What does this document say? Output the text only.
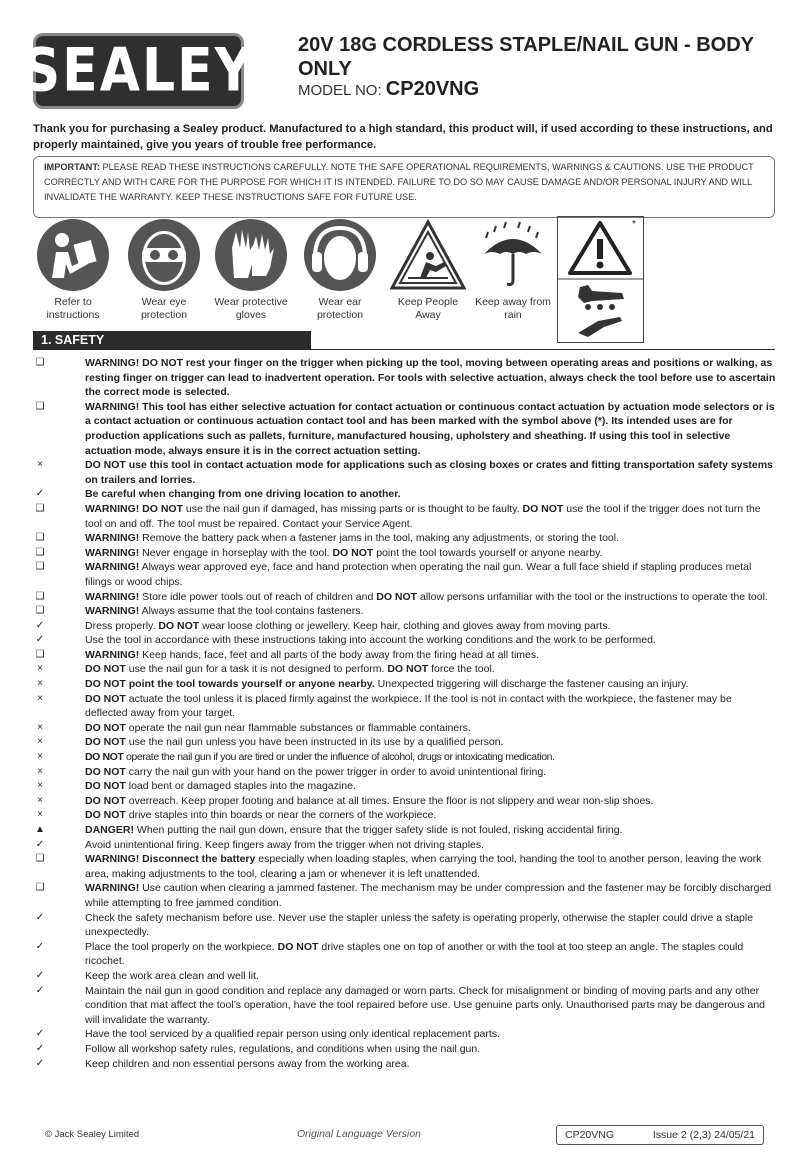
SEALEY 20V 18G CORDLESS STAPLE/NAIL GUN - BODY ONLY
MODEL NO: CP20VNG
Thank you for purchasing a Sealey product. Manufactured to a high standard, this product will, if used according to these instructions, and properly maintained, give you years of trouble free performance.
IMPORTANT: PLEASE READ THESE INSTRUCTIONS CAREFULLY. NOTE THE SAFE OPERATIONAL REQUIREMENTS, WARNINGS & CAUTIONS. USE THE PRODUCT CORRECTLY AND WITH CARE FOR THE PURPOSE FOR WHICH IT IS INTENDED. FAILURE TO DO SO MAY CAUSE DAMAGE AND/OR PERSONAL INJURY AND WILL INVALIDATE THE WARRANTY. KEEP THESE INSTRUCTIONS SAFE FOR FUTURE USE.
Refer to instructions
Wear eye protection
Wear protective gloves
Wear ear protection
Keep People Away
Keep away from rain
*
1. SAFETY
❑	WARNING! DO NOT rest your finger on the trigger when picking up the tool, moving between operating areas and positions or walking, as resting finger on trigger can lead to inadvertent operation. For tools with selective actuation, always check the tool before use to ascertain the correct mode is selected.
❑	WARNING! This tool has either selective actuation for contact actuation or continuous contact actuation by actuation mode selectors or is a contact actuation or continuous actuation contact tool and has been marked with the symbol above (*). Its intended uses are for production applications such as pallets, furniture, manufactured housing, upholstery and sheathing. If using this tool in selective actuation mode, always ensure it is in the correct actuation setting.
×	DO NOT use this tool in contact actuation mode for applications such as closing boxes or crates and fitting transportation safety systems on trailers and lorries.
✓	Be careful when changing from one driving location to another.
❑	WARNING! DO NOT use the nail gun if damaged, has missing parts or is thought to be faulty. DO NOT use the tool if the trigger does not turn the tool on and off. The tool must be repaired. Contact your Service Agent.
❑	WARNING! Remove the battery pack when a fastener jams in the tool, making any adjustments, or storing the tool.
❑	WARNING! Never engage in horseplay with the tool. DO NOT point the tool towards yourself or anyone nearby.
❑	WARNING! Always wear approved eye, face and hand protection when operating the nail gun. Wear a full face shield if stapling produces metal filings or wood chips.
❑	WARNING! Store idle power tools out of reach of children and DO NOT allow persons unfamiliar with the tool or the instructions to operate the tool.
❑	WARNING! Always assume that the tool contains fasteners.
✓	Dress properly. DO NOT wear loose clothing or jewellery. Keep hair, clothing and gloves away from moving parts.
✓	Use the tool in accordance with these instructions taking into account the working conditions and the work to be performed.
❑	WARNING! Keep hands, face, feet and all parts of the body away from the firing head at all times.
×	DO NOT use the nail gun for a task it is not designed to perform. DO NOT force the tool.
×	DO NOT point the tool towards yourself or anyone nearby. Unexpected triggering will discharge the fastener causing an injury.
×	DO NOT actuate the tool unless it is placed firmly against the workpiece. If the tool is not in contact with the workpiece, the fastener may be deflected away from your target.
×	DO NOT operate the nail gun near flammable substances or flammable containers.
×	DO NOT use the nail gun unless you have been instructed in its use by a qualified person.
×	DO NOT operate the nail gun if you are tired or under the influence of alcohol, drugs or intoxicating medication.
×	DO NOT carry the nail gun with your hand on the power trigger in order to avoid unintentional firing.
×	DO NOT load bent or damaged staples into the magazine.
×	DO NOT overreach. Keep proper footing and balance at all times. Ensure the floor is not slippery and wear non-slip shoes.
×	DO NOT drive staples into thin boards or near the corners of the workpiece.
▲	DANGER! When putting the nail gun down, ensure that the trigger safety slide is not fouled, risking accidental firing.
✓	Avoid unintentional firing. Keep fingers away from the trigger when not driving staples.
❑	WARNING! Disconnect the battery especially when loading staples, when carrying the tool, handing the tool to another person, leaving the work area, making adjustments to the tool, clearing a jam or whenever it is left unattended.
❑	WARNING! Use caution when clearing a jammed fastener. The mechanism may be under compression and the fastener may be forcibly discharged while attempting to free jammed condition.
✓	Check the safety mechanism before use. Never use the stapler unless the safety is operating properly, otherwise the stapler could drive a staple unexpectedly.
✓	Place the tool properly on the workpiece. DO NOT drive staples one on top of another or with the tool at too steep an angle. The staples could ricochet.
✓	Keep the work area clean and well lit.
✓	Maintain the nail gun in good condition and replace any damaged or worn parts. Check for misalignment or binding of moving parts and any other condition that mat affect the tool’s operation, have the tool repaired before use. Use genuine parts only. Unauthorised parts may be dangerous and will invalidate the warranty.
✓	Have the tool serviced by a qualified repair person using only identical replacement parts.
✓	Follow all workshop safety rules, regulations, and conditions when using the nail gun.
✓	Keep children and non essential persons away from the working area.
© Jack Sealey Limited	Original Language Version	CP20VNG	Issue 2 (2,3) 24/05/21
